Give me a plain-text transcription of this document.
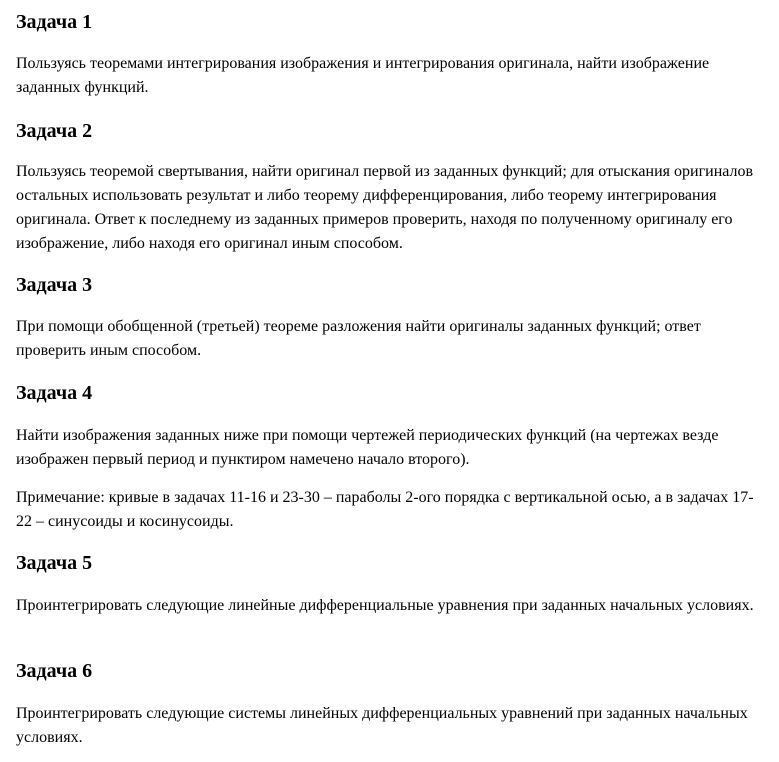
Задача 1

Пользуясь теоремами интегрирования изображения и интегрирования оригинала, найти изображение заданных функций.

Задача 2

Пользуясь теоремой свертывания, найти оригинал первой из заданных функций; для отыскания оригиналов остальных использовать результат и либо теорему дифференцирования, либо теорему интегрирования оригинала. Ответ к последнему из заданных примеров проверить, находя по полученному оригиналу его изображение, либо находя его оригинал иным способом.

Задача 3

При помощи обобщенной (третьей) теореме разложения найти оригиналы заданных функций; ответ проверить иным способом.

Задача 4

Найти изображения заданных ниже при помощи чертежей периодических функций (на чертежах везде изображен первый период и пунктиром намечено начало второго).

Примечание: кривые в задачах 11-16 и 23-30 – параболы 2-ого порядка с вертикальной осью, а в задачах 17-22 – синусоиды и косинусоиды.

Задача 5

Проинтегрировать следующие линейные дифференциальные уравнения при заданных начальных условиях.

Задача 6

Проинтегрировать следующие системы линейных дифференциальных уравнений при заданных начальных условиях.
